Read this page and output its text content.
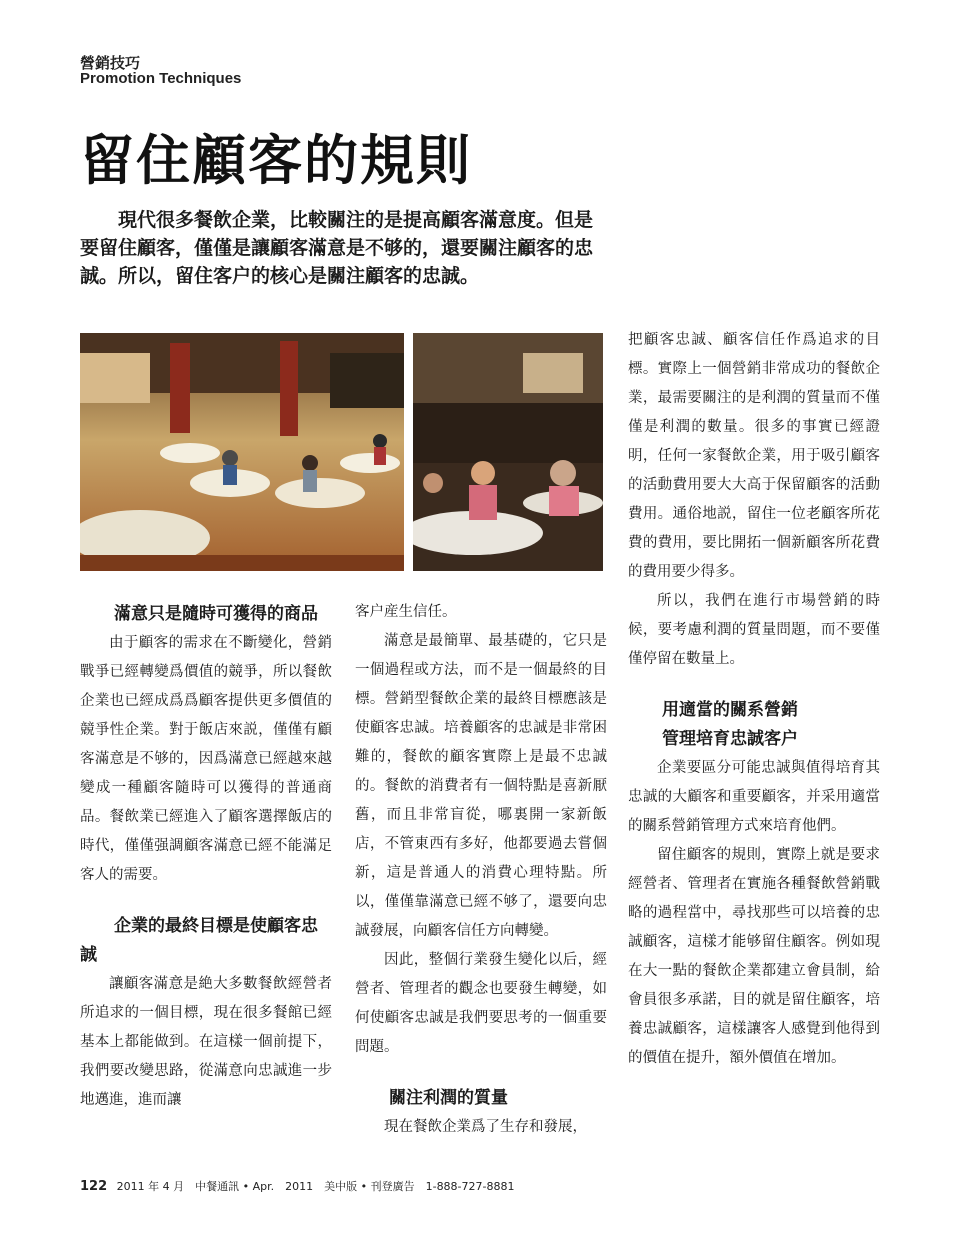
營銷技巧
Promotion Techniques
留住顧客的規則

現代很多餐飲企業，比較關注的是提高顧客滿意度。但是要留住顧客，僅僅是讓顧客滿意是不够的，還要關注顧客的忠誠。所以，留住客户的核心是關注顧客的忠誠。

滿意只是隨時可獲得的商品

由于顧客的需求在不斷變化，營銷戰爭已經轉變爲價值的競爭，所以餐飲企業也已經成爲爲顧客提供更多價值的競爭性企業。對于飯店來説，僅僅有顧客滿意是不够的，因爲滿意已經越來越變成一種顧客隨時可以獲得的普通商品。餐飲業已經進入了顧客選擇飯店的時代，僅僅强調顧客滿意已經不能滿足客人的需要。

企業的最終目標是使顧客忠誠

讓顧客滿意是絶大多數餐飲經營者所追求的一個目標，現在很多餐館已經基本上都能做到。在這樣一個前提下，我們要改變思路，從滿意向忠誠進一步地邁進，進而讓

客户産生信任。

滿意是最簡單、最基礎的，它只是一個過程或方法，而不是一個最終的目標。營銷型餐飲企業的最終目標應該是使顧客忠誠。培養顧客的忠誠是非常困難的，餐飲的顧客實際上是最不忠誠的。餐飲的消費者有一個特點是喜新厭舊，而且非常盲從，哪裏開一家新飯店，不管東西有多好，他都要過去嘗個新，這是普通人的消費心理特點。所以，僅僅靠滿意已經不够了，還要向忠誠發展，向顧客信任方向轉變。

因此，整個行業發生變化以后，經營者、管理者的觀念也要發生轉變，如何使顧客忠誠是我們要思考的一個重要問題。

關注利潤的質量

現在餐飲企業爲了生存和發展，

把顧客忠誠、顧客信任作爲追求的目標。實際上一個營銷非常成功的餐飲企業，最需要關注的是利潤的質量而不僅僅是利潤的數量。很多的事實已經證明，任何一家餐飲企業，用于吸引顧客的活動費用要大大高于保留顧客的活動費用。通俗地説，留住一位老顧客所花費的費用，要比開拓一個新顧客所花費的費用要少得多。

所以，我們在進行市場營銷的時候，要考慮利潤的質量問題，而不要僅僅停留在數量上。

用適當的關系營銷
管理培育忠誠客户

企業要區分可能忠誠與值得培育其忠誠的大顧客和重要顧客，并采用適當的關系營銷管理方式來培育他們。

留住顧客的規則，實際上就是要求經營者、管理者在實施各種餐飲營銷戰略的過程當中，尋找那些可以培養的忠誠顧客，這樣才能够留住顧客。例如現在大一點的餐飲企業都建立會員制，給會員很多承諾，目的就是留住顧客，培養忠誠顧客，這樣讓客人感覺到他得到的價值在提升，額外價值在增加。

122 2011 年 4 月　中餐通訊 • Apr.　2011　美中版 • 刊登廣告　1-888-727-8881
